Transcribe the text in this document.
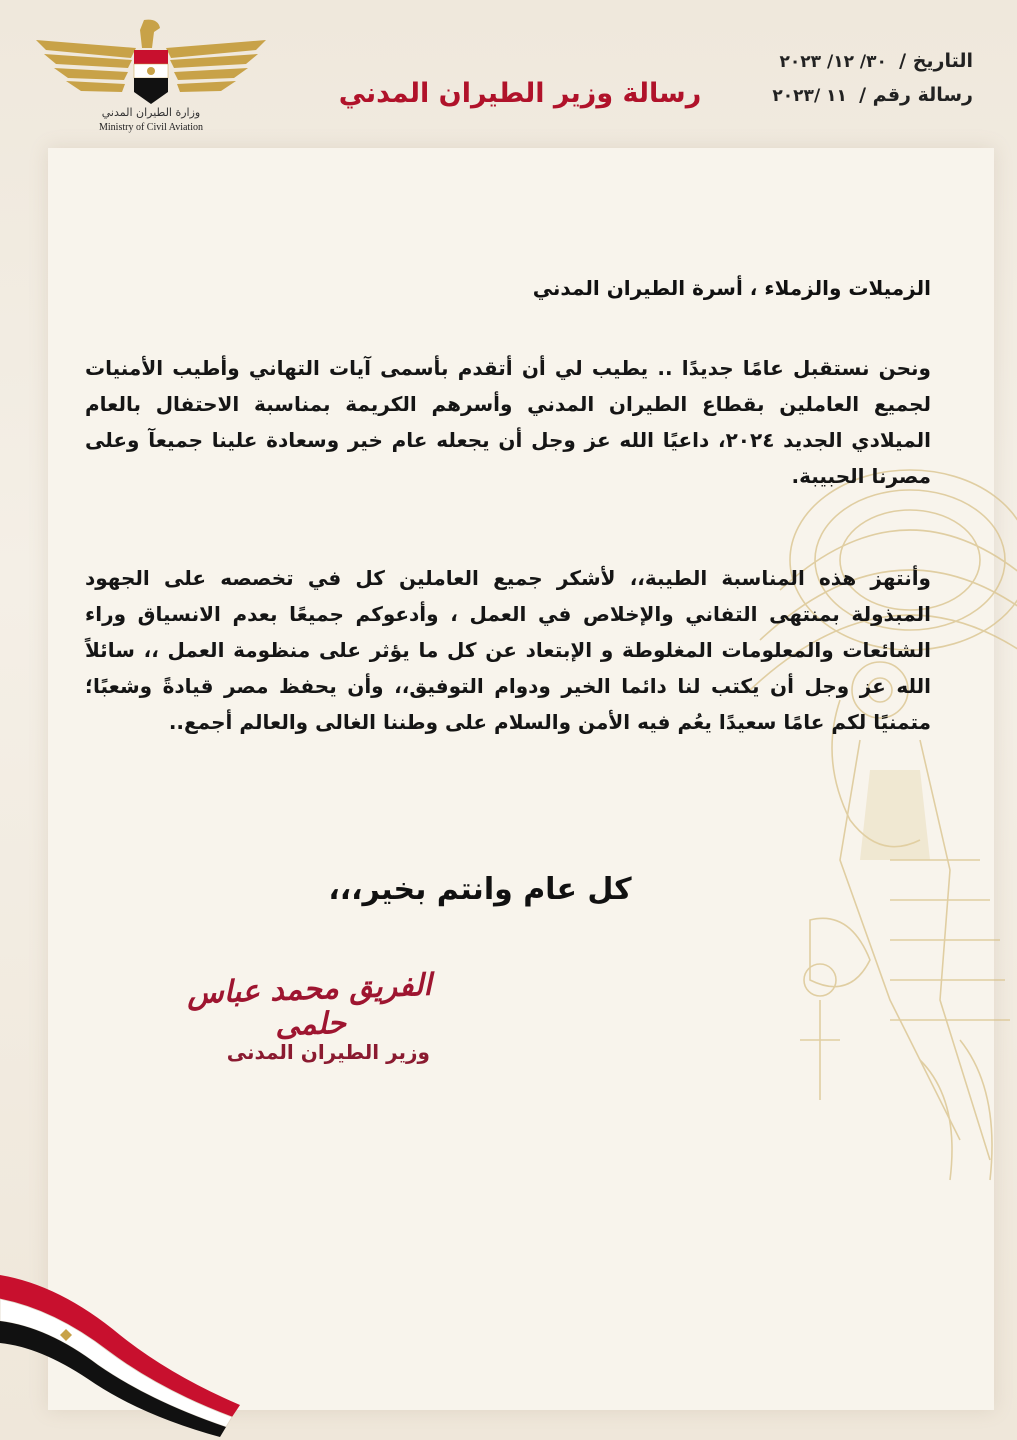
وزارة الطيران المدني
Ministry of Civil Aviation
رسالة وزير الطيران المدني
التاريخ / ٣٠/ ١٢/ ٢٠٢٣
رسالة رقم / ١١ /٢٠٢٣
الزميلات والزملاء ، أسرة الطيران المدني

ونحن نستقبل عامًا جديدًا .. يطيب لي أن أتقدم بأسمى آيات التهاني وأطيب الأمنيات لجميع العاملين بقطاع الطيران المدني وأسرهم الكريمة بمناسبة الاحتفال بالعام الميلادي الجديد ٢٠٢٤، داعيًا الله عز وجل أن يجعله عام خير وسعادة علينا جميعآ وعلى مصرنا الحبيبة.

وأنتهز هذه المناسبة الطيبة،، لأشكر جميع العاملين كل في تخصصه على الجهود المبذولة بمنتهى التفاني والإخلاص في العمل ، وأدعوكم جميعًا بعدم الانسياق وراء الشائعات والمعلومات المغلوطة و الإبتعاد عن كل ما يؤثر على منظومة العمل ،، سائلاً الله عز وجل أن يكتب لنا دائما الخير ودوام التوفيق،، وأن يحفظ مصر قيادةً وشعبًا؛ متمنيًا لكم عامًا سعيدًا يعُم فيه الأمن والسلام على وطننا الغالى والعالم أجمع..

كل عام وانتم بخير،،،
الفريق محمد عباس حلمى
وزير الطيران المدنى
